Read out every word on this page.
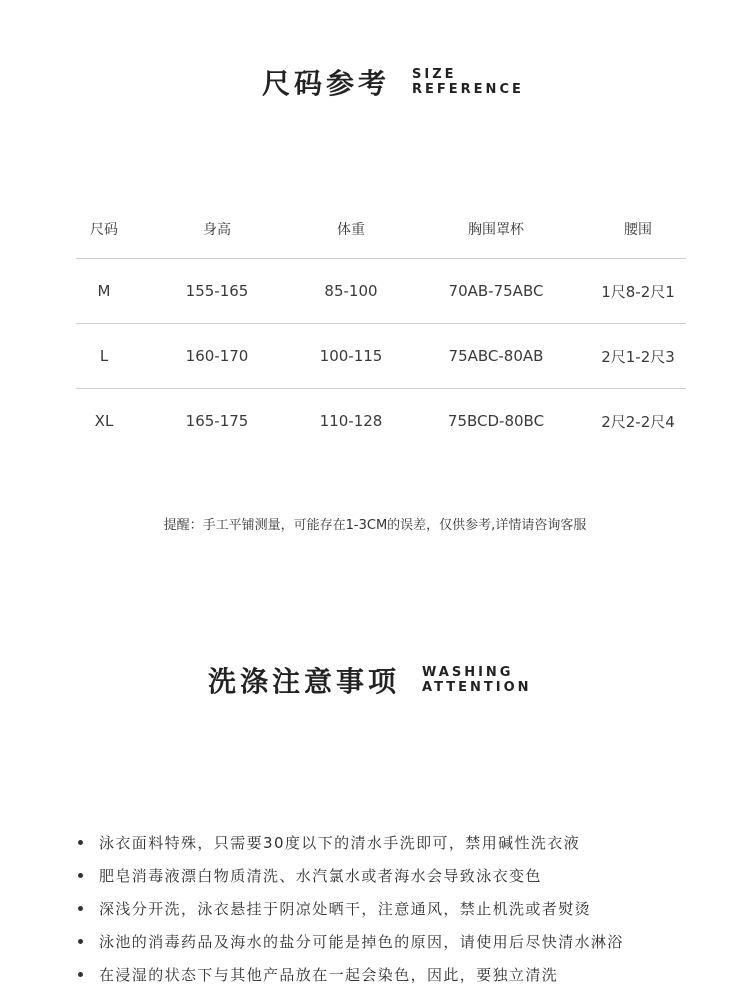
尺码参考 SIZE
REFERENCE
尺码	身高	体重	胸围罩杯	腰围
M	155-165	85-100	70AB-75ABC	1尺8-2尺1
L	160-170	100-115	75ABC-80AB	2尺1-2尺3
XL	165-175	110-128	75BCD-80BC	2尺2-2尺4
提醒：手工平铺测量，可能存在1-3CM的误差，仅供参考,详情请咨询客服
洗涤注意事项 WASHING
ATTENTION
泳衣面料特殊，只需要30度以下的清水手洗即可，禁用碱性洗衣液
肥皂消毒液漂白物质清洗、水汽氯水或者海水会导致泳衣变色
深浅分开洗，泳衣悬挂于阴凉处晒干，注意通风，禁止机洗或者熨烫
泳池的消毒药品及海水的盐分可能是掉色的原因，请使用后尽快清水淋浴
在浸湿的状态下与其他产品放在一起会染色，因此，要独立清洗
